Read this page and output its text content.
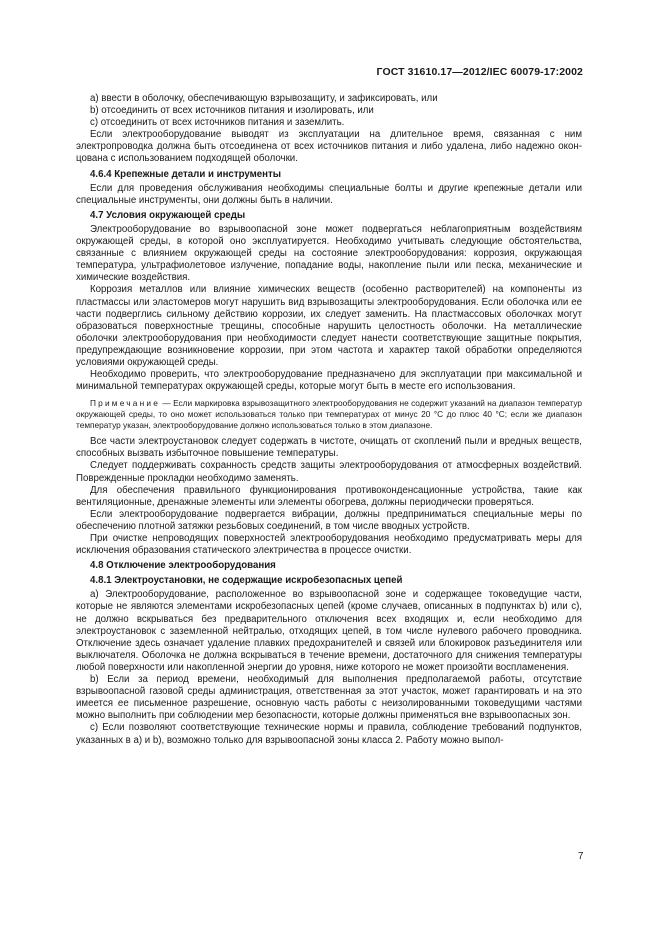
ГОСТ 31610.17—2012/IEC 60079-17:2002

a) ввести в оболочку, обеспечивающую взрывозащиту, и зафиксировать, или

b) отсоединить от всех источников питания и изолировать, или

c) отсоединить от всех источников питания и заземлить.

Если электрооборудование выводят из эксплуатации на длительное время, связанная с ним электропроводка должна быть отсоединена от всех источников питания и либо удалена, либо надежно оконцована с использованием подходящей оболочки.

4.6.4 Крепежные детали и инструменты

Если для проведения обслуживания необходимы специальные болты и другие крепежные детали или специальные инструменты, они должны быть в наличии.

4.7 Условия окружающей среды

Электрооборудование во взрывоопасной зоне может подвергаться неблагоприятным воздействиям окружающей среды, в которой оно эксплуатируется. Необходимо учитывать следующие обстоятельства, связанные с влиянием окружающей среды на состояние электрооборудования: коррозия, окружающая температура, ультрафиолетовое излучение, попадание воды, накопление пыли или песка, механические и химические воздействия.

Коррозия металлов или влияние химических веществ (особенно растворителей) на компоненты из пластмассы или эластомеров могут нарушить вид взрывозащиты электрооборудования. Если оболочка или ее части подверглись сильному действию коррозии, их следует заменить. На пластмассовых оболочках могут образоваться поверхностные трещины, способные нарушить целостность оболочки. На металлические оболочки электрооборудования при необходимости следует нанести соответствующие защитные покрытия, предупреждающие возникновение коррозии, при этом частота и характер такой обработки определяются условиями окружающей среды.

Необходимо проверить, что электрооборудование предназначено для эксплуатации при максимальной и минимальной температурах окружающей среды, которые могут быть в месте его использования.

Примечание — Если маркировка взрывозащитного электрооборудования не содержит указаний на диапазон температур окружающей среды, то оно может использоваться только при температурах от минус 20 °С до плюс 40 °С; если же диапазон температур указан, электрооборудование должно использоваться только в этом диапазоне.

Все части электроустановок следует содержать в чистоте, очищать от скоплений пыли и вредных веществ, способных вызвать избыточное повышение температуры.

Следует поддерживать сохранность средств защиты электрооборудования от атмосферных воздействий. Поврежденные прокладки необходимо заменять.

Для обеспечения правильного функционирования противоконденсационные устройства, такие как вентиляционные, дренажные элементы или элементы обогрева, должны периодически проверяться.

Если электрооборудование подвергается вибрации, должны предприниматься специальные меры по обеспечению плотной затяжки резьбовых соединений, в том числе вводных устройств.

При очистке непроводящих поверхностей электрооборудования необходимо предусматривать меры для исключения образования статического электричества в процессе очистки.

4.8 Отключение электрооборудования
4.8.1 Электроустановки, не содержащие искробезопасных цепей

a) Электрооборудование, расположенное во взрывоопасной зоне и содержащее токоведущие части, которые не являются элементами искробезопасных цепей (кроме случаев, описанных в подпунктах b) или c), не должно вскрываться без предварительного отключения всех входящих и, если необходимо для электроустановок с заземленной нейтралью, отходящих цепей, в том числе нулевого рабочего проводника. Отключение здесь означает удаление плавких предохранителей и связей или блокировок разъединителя или выключателя. Оболочка не должна вскрываться в течение времени, достаточного для снижения температуры любой поверхности или накопленной энергии до уровня, ниже которого не может произойти воспламенения.

b) Если за период времени, необходимый для выполнения предполагаемой работы, отсутствие взрывоопасной газовой среды администрация, ответственная за этот участок, может гарантировать и на это имеется ее письменное разрешение, основную часть работы с неизолированными токоведущими частями можно выполнить при соблюдении мер безопасности, которые должны применяться вне взрывоопасных зон.

c) Если позволяют соответствующие технические нормы и правила, соблюдение требований подпунктов, указанных в a) и b), возможно только для взрывоопасной зоны класса 2. Работу можно выпол-

7
